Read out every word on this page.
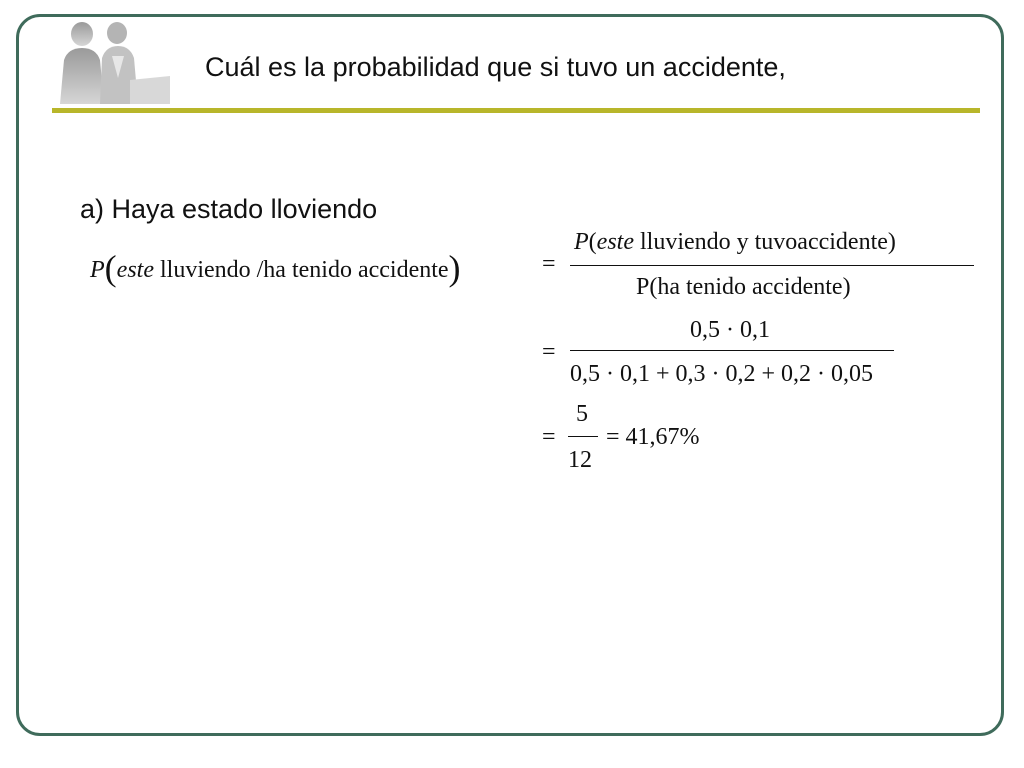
Cuál es la probabilidad que si tuvo un accidente,
a) Haya estado lloviendo
P(este lluviendo /ha tenido accidente)	=
P(este lluviendo y tuvoaccidente)
P(ha tenido accidente)
=
0,5 · 0,1
0,5 · 0,1 + 0,3 · 0,2 + 0,2 · 0,05
=
5
12
= 41,67%
